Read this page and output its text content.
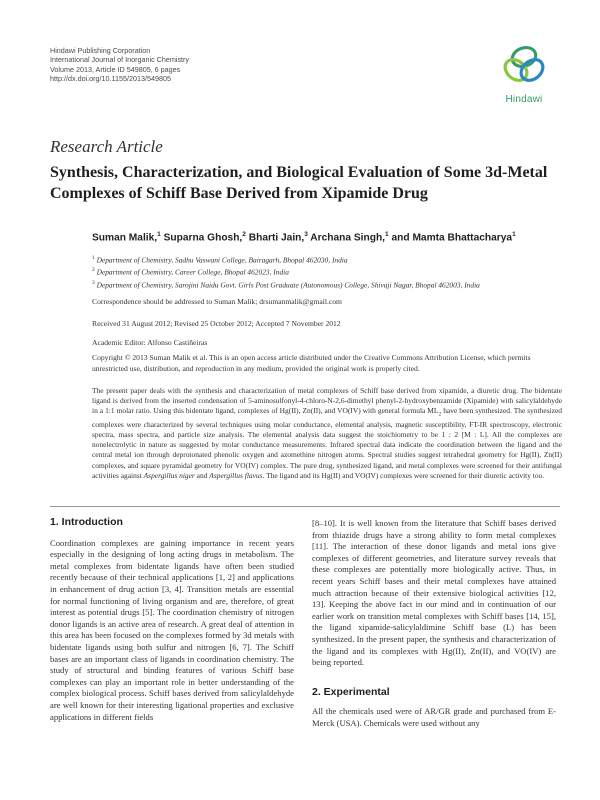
Hindawi Publishing Corporation
International Journal of Inorganic Chemistry
Volume 2013, Article ID 549805, 6 pages
http://dx.doi.org/10.1155/2013/549805
Hindawi
Research Article
Synthesis, Characterization, and Biological Evaluation of Some 3d-Metal Complexes of Schiff Base Derived from Xipamide Drug
Suman Malik,$^1$ Suparna Ghosh,$^2$ Bharti Jain,$^3$ Archana Singh,$^1$ and Mamta Bhattacharya$^1$
$^1$ Department of Chemistry, Sadhu Vaswani College, Bairagarh, Bhopal 462030, India
$^2$ Department of Chemistry, Career College, Bhopal 462023, India
$^3$ Department of Chemistry, Sarojini Naidu Govt. Girls Post Graduate (Autonomous) College, Shivaji Nagar, Bhopal 462003, India
Correspondence should be addressed to Suman Malik; drsumanmalik@gmail.com
Received 31 August 2012; Revised 25 October 2012; Accepted 7 November 2012
Academic Editor: Alfonso Castiñeiras
Copyright © 2013 Suman Malik et al. This is an open access article distributed under the Creative Commons Attribution License, which permits unrestricted use, distribution, and reproduction in any medium, provided the original work is properly cited.
The present paper deals with the synthesis and characterization of metal complexes of Schiff base derived from xipamide, a diuretic drug. The bidentate ligand is derived from the inserted condensation of 5-aminosulfonyl-4-chloro-N-2,6-dimethyl phenyl-2-hydroxybenzamide (Xipamide) with salicylaldehyde in a 1:1 molar ratio. Using this bidentate ligand, complexes of Hg(II), Zn(II), and VO(IV) with general formula $ML_2$ have been synthesized. The synthesized complexes were characterized by several techniques using molar conductance, elemental analysis, magnetic susceptibility, FT-IR spectroscopy, electronic spectra, mass spectra, and particle size analysis. The elemental analysis data suggest the stoichiometry to be 1 : 2 [M : L]. All the complexes are nonelectrolytic in nature as suggested by molar conductance measurements. Infrared spectral data indicate the coordination between the ligand and the central metal ion through deprotonated phenolic oxygen and azomethine nitrogen atoms. Spectral studies suggest tetrahedral geometry for Hg(II), Zn(II) complexes, and square pyramidal geometry for VO(IV) complex. The pure drug, synthesized ligand, and metal complexes were screened for their antifungal activities against Aspergillus niger and Aspergillus flavus. The ligand and its Hg(II) and VO(IV) complexes were screened for their diuretic activity too.
1. Introduction

Coordination complexes are gaining importance in recent years especially in the designing of long acting drugs in metabolism. The metal complexes from bidentate ligands have often been studied recently because of their technical applications [1, 2] and applications in enhancement of drug action [3, 4]. Transition metals are essential for normal functioning of living organism and are, therefore, of great interest as potential drugs [5]. The coordination chemistry of nitrogen donor ligands is an active area of research. A great deal of attention in this area has been focused on the complexes formed by 3d metals with bidentate ligands using both sulfur and nitrogen [6, 7]. The Schiff bases are an important class of ligands in coordination chemistry. The study of structural and binding features of various Schiff base complexes can play an important role in better understanding of the complex biological process. Schiff bases derived from salicylaldehyde are well known for their interesting ligational properties and exclusive applications in different fields

[8–10]. It is well known from the literature that Schiff bases derived from thiazide drugs have a strong ability to form metal complexes [11]. The interaction of these donor ligands and metal ions give complexes of different geometries, and literature survey reveals that these complexes are potentially more biologically active. Thus, in recent years Schiff bases and their metal complexes have attained much attraction because of their extensive biological activities [12, 13]. Keeping the above fact in our mind and in continuation of our earlier work on transition metal complexes with Schiff bases [14, 15], the ligand xipamide-salicylaldimine Schiff base (L) has been synthesized. In the present paper, the synthesis and characterization of the ligand and its complexes with Hg(II), Zn(II), and VO(IV) are being reported.

2. Experimental

All the chemicals used were of AR/GR grade and purchased from E-Merck (USA). Chemicals were used without any
